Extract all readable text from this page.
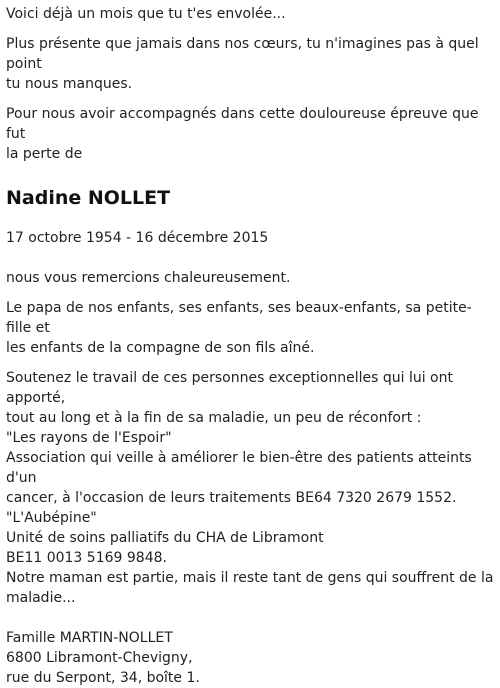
Voici déjà un mois que tu t'es envolée...

Plus présente que jamais dans nos cœurs, tu n'imagines pas à quel point
tu nous manques.

Pour nous avoir accompagnés dans cette douloureuse épreuve que fut
la perte de

Nadine NOLLET

17 octobre 1954 - 16 décembre 2015

nous vous remercions chaleureusement.

Le papa de nos enfants, ses enfants, ses beaux-enfants, sa petite-fille et
les enfants de la compagne de son fils aîné.

Soutenez le travail de ces personnes exceptionnelles qui lui ont apporté,
tout au long et à la fin de sa maladie, un peu de réconfort :
"Les rayons de l'Espoir"
Association qui veille à améliorer le bien-être des patients atteints d'un
cancer, à l'occasion de leurs traitements BE64 7320 2679 1552.
"L'Aubépine"
Unité de soins palliatifs du CHA de Libramont
BE11 0013 5169 9848.
Notre maman est partie, mais il reste tant de gens qui souffrent de la
maladie...

Famille MARTIN-NOLLET
6800 Libramont-Chevigny,
rue du Serpont, 34, boîte 1.
